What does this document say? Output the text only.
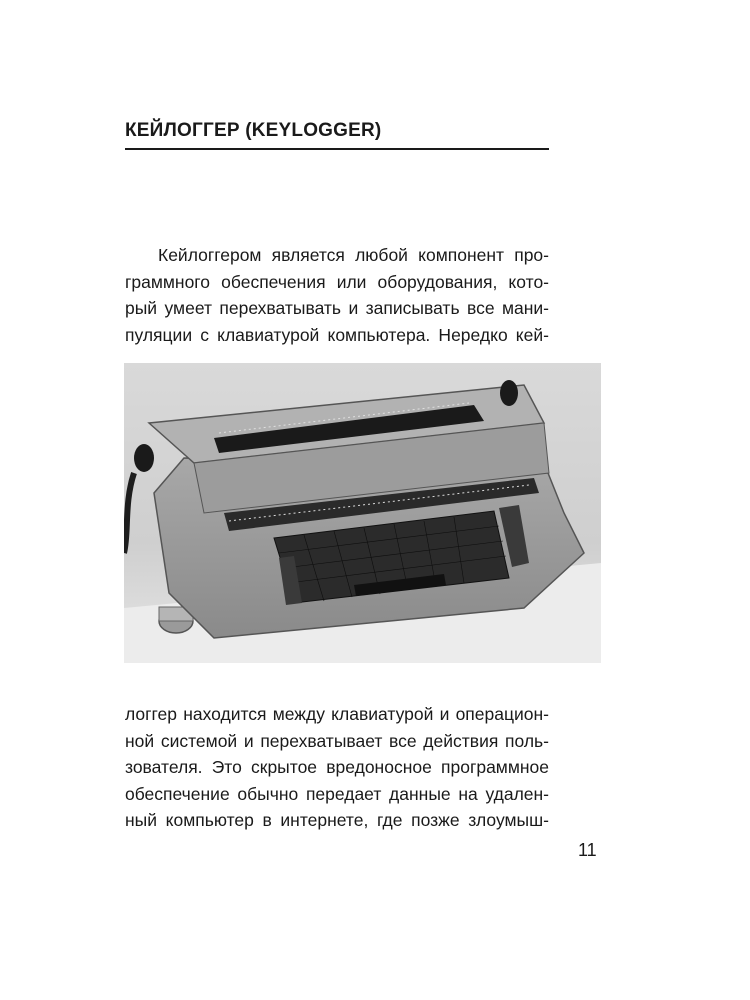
КЕЙЛОГГЕР (KEYLOGGER)

Кейлоггером является любой компонент про-
граммного обеспечения или оборудования, кото-
рый умеет перехватывать и записывать все мани-
пуляции с клавиатурой компьютера. Нередко кей-

логгер находится между клавиатурой и операцион-
ной системой и перехватывает все действия поль-
зователя. Это скрытое вредоносное программное
обеспечение обычно передает данные на удален-
ный компьютер в интернете, где позже злоумыш-

11
